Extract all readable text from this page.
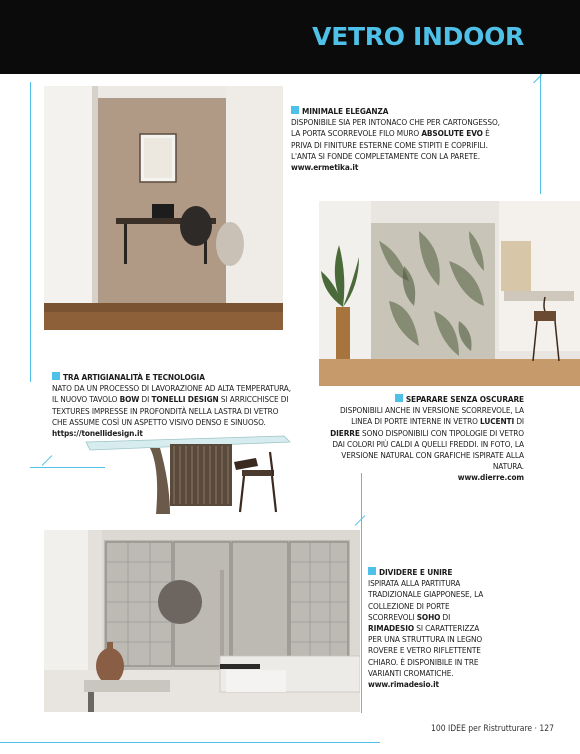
VETRO INDOOR
MINIMALE ELEGANZA
DISPONIBILE SIA PER INTONACO CHE PER CARTONGESSO, LA PORTA SCORREVOLE FILO MURO ABSOLUTE EVO È PRIVA DI FINITURE ESTERNE COME STIPITI E COPRIFILI. L'ANTA SI FONDE COMPLETAMENTE CON LA PARETE.
www.ermetika.it
TRA ARTIGIANALITÀ E TECNOLOGIA
NATO DA UN PROCESSO DI LAVORAZIONE AD ALTA TEMPERATURA, IL NUOVO TAVOLO BOW DI TONELLI DESIGN SI ARRICCHISCE DI TEXTURES IMPRESSE IN PROFONDITÀ NELLA LASTRA DI VETRO CHE ASSUME COSÌ UN ASPETTO VISIVO DENSO E SINUOSO.
https://tonellidesign.it
SEPARARE SENZA OSCURARE
DISPONIBILI ANCHE IN VERSIONE SCORREVOLE, LA LINEA DI PORTE INTERNE IN VETRO LUCENTI DI DIERRE SONO DISPONIBILI CON TIPOLOGIE DI VETRO DAI COLORI PIÙ CALDI A QUELLI FREDDI. IN FOTO, LA VERSIONE NATURAL CON GRAFICHE ISPIRATE ALLA NATURA.
www.dierre.com
DIVIDERE E UNIRE
ISPIRATA ALLA PARTITURA TRADIZIONALE GIAPPONESE, LA COLLEZIONE DI PORTE SCORREVOLI SOHO DI RIMADESIO SI CARATTERIZZA PER UNA STRUTTURA IN LEGNO ROVERE E VETRO RIFLETTENTE CHIARO. È DISPONIBILE IN TRE VARIANTI CROMATICHE.
www.rimadesio.it
100 IDEE per Ristrutturare · 127
